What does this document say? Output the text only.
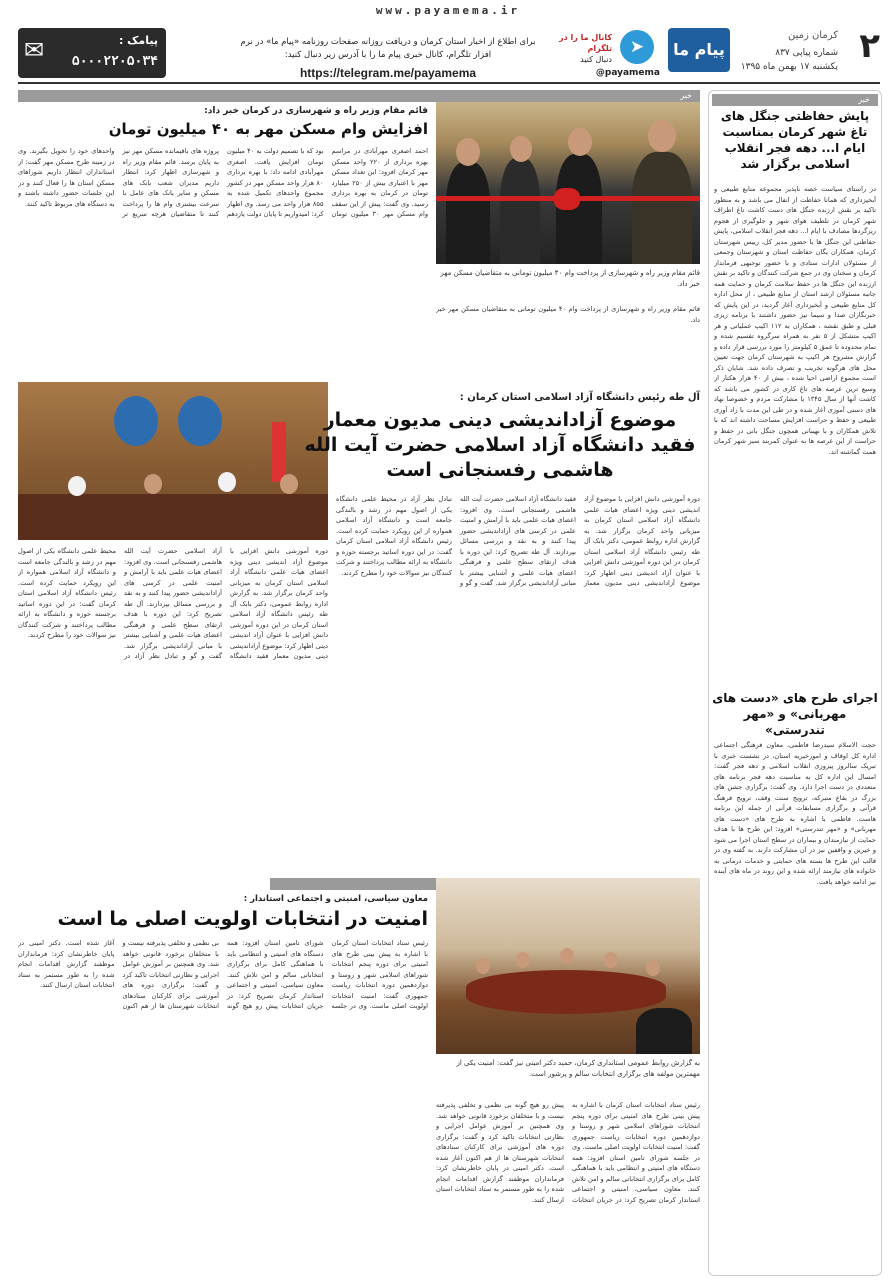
www.payamema.ir
۲
کرمان زمین
شماره پیاپی ۸۳۷
یکشنبه ۱۷ بهمن ماه ۱۳۹۵
پیام ما
➤
@payamema
کانال ما را در
تلگرام
دنبال کنید
برای اطلاع از اخبار استان کرمان و دریافت روزانه صفحات روزنامه «پیام ما» در نرم افزار تلگرام، کانال خبری پیام ما را با آدرس زیر دنبال کنید:
https://telegram.me/payamema
✉	پیامک :
۵۰۰۰۲۲۰۵۰۳۴
خبر
پایش حفاظتی جنگل های تاغ شهر کرمان بمناسبت ایام ا... دهه فجر انقلاب اسلامی برگزار شد
در راستای سیاست خصه ناپذیر مجموعه منابع طبیعی و آبخیزداری که همانا حفاظت از انفال می باشد و به منظور تاکید بر نقش ارزنده جنگل های دست کاشت تاغ اطراف شهر کرمان در تلطیف هوای شهر و جلوگیری از هجوم ریزگردها مصادف با ایام ا... دهه فجر انقلاب اسلامی، پایش حفاظتی این جنگل ها با حضور مدیر کل، رییس شهرستان کرمان، همکاران یگان حفاظت استان و شهرستان وجمعی از مسئولان ادارات ستادی و با حضور توجیهی فرماندار کرمان و سخنان وی در جمع شرکت کنندگان و تاکید بر نقش ارزنده این جنگل ها در حفظ سلامت کرمان و حمایت همه جانبه مسئولان ارشد استان از منابع طبیعی ، از محل اداره کل منابع طبیعی و آبخیزداری آغاز گردید، در این پایش که خبرنگاران صدا و سیما نیز حضور داشتند با برنامه ریزی قبلی و طبق نقشه ، همکاران به ۱۱۲ اکیپ عملیاتی و هر اکیپ متشکل از ۵ نفر به همراه سرگروه تقسیم شده و تمام محدوده تا عمق ۵ کیلومتر را مورد بررسی قرار داده و گزارش مشروح هر اکیپ به شهرستان کرمان جهت تعیین محل های هرگونه تخریب و تصرف داده شد. شایان ذکر است مجموع اراضی احیا شده ، بیش از ۴۰ هزار هکتار از وسیع ترین عرصه های تاغ کاری در کشور می باشد که کاشت آنها از سال ۱۳۴۵ با مشارکت مردم و خصوصا نهاد های دستی آموزی آغاز شده و در طی این مدت با زاد آوری طبیعی و حفظ و حراست افزایش مساحت داشته اند که با تلاش همکاران و با نهیبانی همچون جنگل بانی در حفظ و حراست از این عرصه ها به عنوان کمربند سبز شهر کرمان همت گماشته اند.
اجرای طرح های «دست های مهربانی» و «مهر تندرستی»
حجت الاسلام سیدرضا فاطمی، معاون فرهنگی اجتماعی اداره کل اوقاف و امورخیریه استان، در نشست خبری با تبریک سالروز پیروزی انقلاب اسلامی و دهه فجر گفت: امسال این اداره کل به مناسبت دهه فجر برنامه های متعددی در دست اجرا دارد. وی گفت: برگزاری جشن های بزرگ در بقاع متبرکه، ترویج سنت وقف، ترویج فرهنگ قرآنی و برگزاری مسابقات قرآنی از جمله این برنامه هاست. فاطمی با اشاره به طرح های «دست های مهربانی» و «مهر تندرستی» افزود: این طرح ها با هدف حمایت از نیازمندان و بیماران در سطح استان اجرا می شود و خیرین و واقفین نیز در آن مشارکت دارند. به گفته وی در قالب این طرح ها بسته های حمایتی و خدمات درمانی به خانواده های نیازمند ارائه شده و این روند در ماه های آینده نیز ادامه خواهد یافت.
خبر
قائم مقام وزیر راه و شهرسازی در کرمان خبر داد:
افزایش وام مسکن مهر به ۴۰ میلیون تومان
قائم مقام وزیر راه و شهرسازی از پرداخت وام ۴۰ میلیون تومانی به متقاضیان مسکن مهر خبر داد.
احمد اصغری مهرآبادی در مراسم بهره برداری از ۲۲۰ واحد مسکن مهر کرمان افزود: این تعداد مسکن مهر با اعتباری بیش از ۲۵۰ میلیارد تومان در کرمان به بهره برداری رسید. وی گفت: پیش از این سقف وام مسکن مهر ۳۰ میلیون تومان بود که با تصمیم دولت به ۴۰ میلیون تومان افزایش یافت. اصغری مهرآبادی ادامه داد: با بهره برداری ۸۰ هزار واحد مسکن مهر در کشور مجموع واحدهای تکمیل شده به ۸۵۵ هزار واحد می رسد. وی اظهار کرد: امیدواریم تا پایان دولت یازدهم پروژه های باقیمانده مسکن مهر نیز به پایان برسد. قائم مقام وزیر راه و شهرسازی اظهار کرد: انتظار داریم مدیران شعب بانک های مسکن و سایر بانک های عامل با سرعت بیشتری وام ها را پرداخت کنند تا متقاضیان هرچه سریع تر واحدهای خود را تحویل بگیرند. وی در زمینه طرح مسکن مهر گفت: از استانداران انتظار داریم شوراهای مسکن استان ها را فعال کنند و در این جلسات حضور داشته باشند و به دستگاه های مربوط تاکید کنند.
قائم مقام وزیر راه و شهرسازی از پرداخت وام ۴۰ میلیون تومانی به متقاضیان مسکن مهر خبر داد.
آل طه رئیس دانشگاه آزاد اسلامی استان کرمان :
موضوع آزاداندیشی دینی مدیون معمار فقید دانشگاه آزاد اسلامی حضرت آیت الله هاشمی رفسنجانی است
دوره آموزشی دانش افزایی با موضوع آزاد اندیشی دینی ویژه اعضای هیات علمی دانشگاه آزاد اسلامی استان کرمان به میزبانی واحد کرمان برگزار شد. به گزارش اداره روابط عمومی، دکتر بابک آل طه رئیس دانشگاه آزاد اسلامی استان کرمان در این دوره آموزشی دانش افزایی با عنوان آزاد اندیشی دینی اظهار کرد: موضوع آزاداندیشی دینی مدیون معمار فقید دانشگاه آزاد اسلامی حضرت آیت الله هاشمی رفسنجانی است. وی افزود: اعضای هیات علمی باید با آرامش و امنیت علمی در کرسی های آزاداندیشی حضور پیدا کنند و به نقد و بررسی مسائل بپردازند. آل طه تصریح کرد: این دوره با هدف ارتقای سطح علمی و فرهنگی اعضای هیات علمی و آشنایی بیشتر با مبانی آزاداندیشی برگزار شد. گفت و گو و تبادل نظر آزاد در محیط علمی دانشگاه یکی از اصول مهم در رشد و بالندگی جامعه است و دانشگاه آزاد اسلامی همواره از این رویکرد حمایت کرده است. رئیس دانشگاه آزاد اسلامی استان کرمان گفت: در این دوره اساتید برجسته حوزه و دانشگاه به ارائه مطالب پرداختند و شرکت کنندگان نیز سوالات خود را مطرح کردند.
دوره آموزشی دانش افزایی با موضوع آزاد اندیشی دینی ویژه اعضای هیات علمی دانشگاه آزاد اسلامی استان کرمان به میزبانی واحد کرمان برگزار شد. به گزارش اداره روابط عمومی، دکتر بابک آل طه رئیس دانشگاه آزاد اسلامی استان کرمان در این دوره آموزشی دانش افزایی با عنوان آزاد اندیشی دینی اظهار کرد: موضوع آزاداندیشی دینی مدیون معمار فقید دانشگاه آزاد اسلامی حضرت آیت الله هاشمی رفسنجانی است. وی افزود: اعضای هیات علمی باید با آرامش و امنیت علمی در کرسی های آزاداندیشی حضور پیدا کنند و به نقد و بررسی مسائل بپردازند. آل طه تصریح کرد: این دوره با هدف ارتقای سطح علمی و فرهنگی اعضای هیات علمی و آشنایی بیشتر با مبانی آزاداندیشی برگزار شد. گفت و گو و تبادل نظر آزاد در محیط علمی دانشگاه یکی از اصول مهم در رشد و بالندگی جامعه است و دانشگاه آزاد اسلامی همواره از این رویکرد حمایت کرده است. رئیس دانشگاه آزاد اسلامی استان کرمان گفت: در این دوره اساتید برجسته حوزه و دانشگاه به ارائه مطالب پرداختند و شرکت کنندگان نیز سوالات خود را مطرح کردند.
معاون سیاسی، امنیتی و اجتماعی استاندار :
امنیت در انتخابات اولویت اصلی ما است
به گزارش روابط عمومی استانداری کرمان، حمید دکتر امینی نیز گفت: امنیت یکی از مهمترین مولفه های برگزاری انتخابات سالم و پرشور است.
رئیس ستاد انتخابات استان کرمان با اشاره به پیش بینی طرح های امنیتی برای دوره پنجم انتخابات شوراهای اسلامی شهر و روستا و دوازدهمین دوره انتخابات ریاست جمهوری گفت: امنیت انتخابات اولویت اصلی ماست. وی در جلسه شورای تامین استان افزود: همه دستگاه های امنیتی و انتظامی باید با هماهنگی کامل برای برگزاری انتخاباتی سالم و امن تلاش کنند. معاون سیاسی، امنیتی و اجتماعی استاندار کرمان تصریح کرد: در جریان انتخابات پیش رو هیچ گونه بی نظمی و تخلفی پذیرفته نیست و با متخلفان برخورد قانونی خواهد شد. وی همچنین بر آموزش عوامل اجرایی و نظارتی انتخابات تاکید کرد و گفت: برگزاری دوره های آموزشی برای کارکنان ستادهای انتخابات شهرستان ها از هم اکنون آغاز شده است. دکتر امینی در پایان خاطرنشان کرد: فرمانداران موظفند گزارش اقدامات انجام شده را به طور مستمر به ستاد انتخابات استان ارسال کنند.
رئیس ستاد انتخابات استان کرمان با اشاره به پیش بینی طرح های امنیتی برای دوره پنجم انتخابات شوراهای اسلامی شهر و روستا و دوازدهمین دوره انتخابات ریاست جمهوری گفت: امنیت انتخابات اولویت اصلی ماست. وی در جلسه شورای تامین استان افزود: همه دستگاه های امنیتی و انتظامی باید با هماهنگی کامل برای برگزاری انتخاباتی سالم و امن تلاش کنند. معاون سیاسی، امنیتی و اجتماعی استاندار کرمان تصریح کرد: در جریان انتخابات پیش رو هیچ گونه بی نظمی و تخلفی پذیرفته نیست و با متخلفان برخورد قانونی خواهد شد. وی همچنین بر آموزش عوامل اجرایی و نظارتی انتخابات تاکید کرد و گفت: برگزاری دوره های آموزشی برای کارکنان ستادهای انتخابات شهرستان ها از هم اکنون آغاز شده است. دکتر امینی در پایان خاطرنشان کرد: فرمانداران موظفند گزارش اقدامات انجام شده را به طور مستمر به ستاد انتخابات استان ارسال کنند.
